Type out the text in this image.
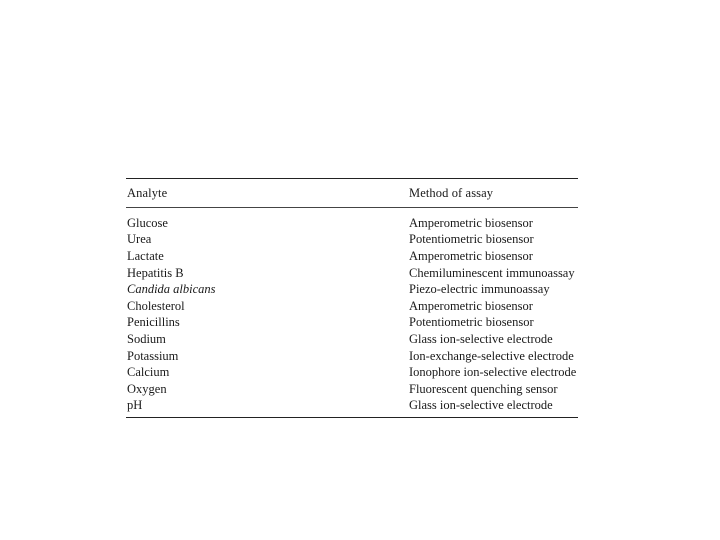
Analyte	Method of assay
Glucose	Amperometric biosensor
Urea	Potentiometric biosensor
Lactate	Amperometric biosensor
Hepatitis B	Chemiluminescent immunoassay
Candida albicans	Piezo-electric immunoassay
Cholesterol	Amperometric biosensor
Penicillins	Potentiometric biosensor
Sodium	Glass ion-selective electrode
Potassium	Ion-exchange-selective electrode
Calcium	Ionophore ion-selective electrode
Oxygen	Fluorescent quenching sensor
pH	Glass ion-selective electrode
